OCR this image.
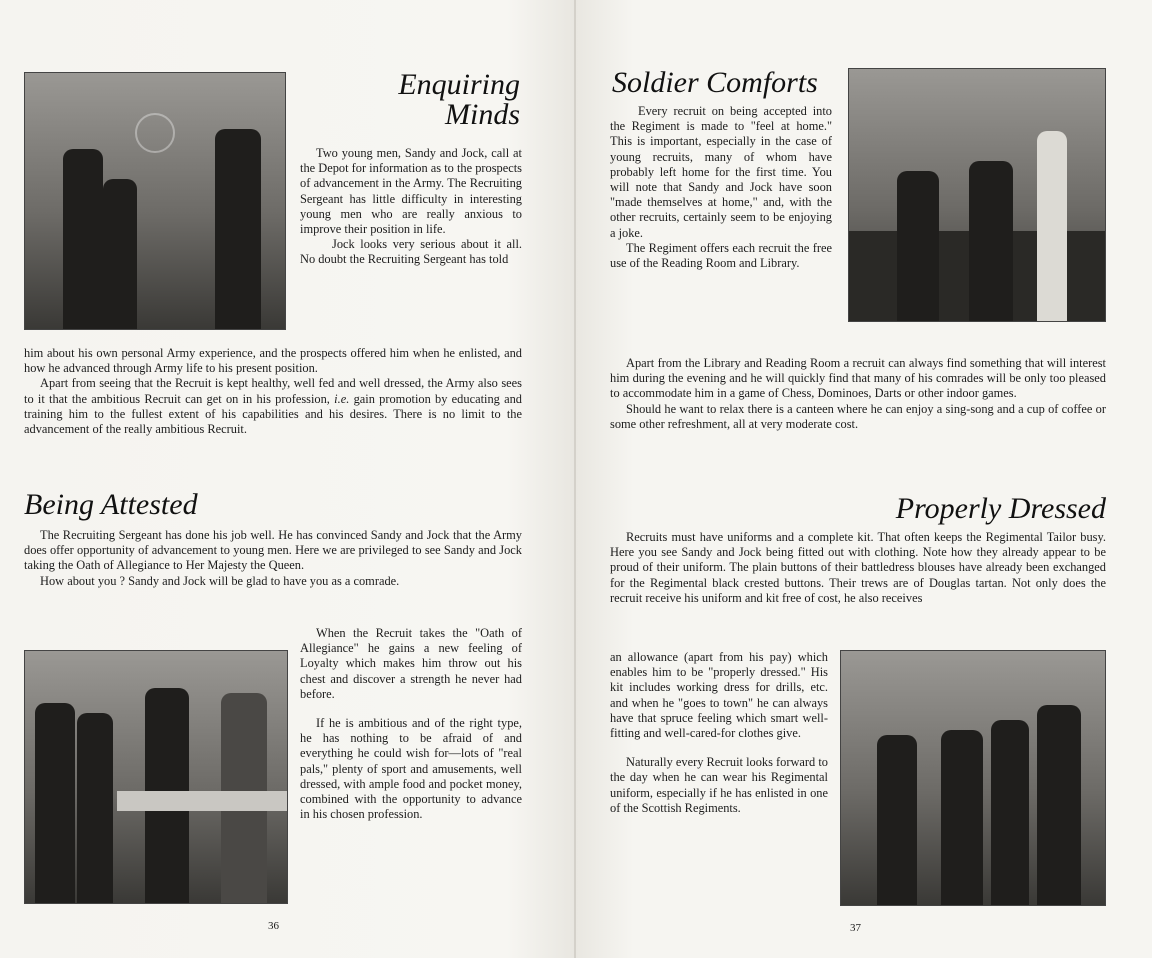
Enquiring
Minds

Two young men, Sandy and Jock, call at the Depot for information as to the prospects of advancement in the Army. The Recruiting Sergeant has little difficulty in interesting young men who are really anxious to improve their position in life.

Jock looks very serious about it all. No doubt the Recruiting Sergeant has told

him about his own personal Army experience, and the prospects offered him when he enlisted, and how he advanced through Army life to his present position.

Apart from seeing that the Recruit is kept healthy, well fed and well dressed, the Army also sees to it that the ambitious Recruit can get on in his profession, i.e. gain promotion by educating and training him to the fullest extent of his capabilities and his desires. There is no limit to the advancement of the really ambitious Recruit.

Being Attested

The Recruiting Sergeant has done his job well. He has convinced Sandy and Jock that the Army does offer opportunity of advancement to young men. Here we are privileged to see Sandy and Jock taking the Oath of Allegiance to Her Majesty the Queen.

How about you ? Sandy and Jock will be glad to have you as a comrade.

When the Recruit takes the "Oath of Allegiance" he gains a new feeling of Loyalty which makes him throw out his chest and discover a strength he never had before.

If he is ambitious and of the right type, he has nothing to be afraid of and everything he could wish for—lots of "real pals," plenty of sport and amusements, well dressed, with ample food and pocket money, combined with the opportunity to advance in his chosen profession.

36
Soldier Comforts

Every recruit on being accepted into the Regiment is made to "feel at home." This is important, especially in the case of young recruits, many of whom have probably left home for the first time. You will note that Sandy and Jock have soon "made themselves at home," and, with the other recruits, certainly seem to be enjoying a joke.

The Regiment offers each recruit the free use of the Reading Room and Library.

Apart from the Library and Reading Room a recruit can always find something that will interest him during the evening and he will quickly find that many of his comrades will be only too pleased to accommodate him in a game of Chess, Dominoes, Darts or other indoor games.

Should he want to relax there is a canteen where he can enjoy a sing-song and a cup of coffee or some other refreshment, all at very moderate cost.

Properly Dressed

Recruits must have uniforms and a complete kit. That often keeps the Regimental Tailor busy. Here you see Sandy and Jock being fitted out with clothing. Note how they already appear to be proud of their uniform. The plain buttons of their battledress blouses have already been exchanged for the Regimental black crested buttons. Their trews are of Douglas tartan. Not only does the recruit receive his uniform and kit free of cost, he also receives

an allowance (apart from his pay) which enables him to be "properly dressed." His kit includes working dress for drills, etc. and when he "goes to town" he can always have that spruce feeling which smart well-fitting and well-cared-for clothes give.

Naturally every Recruit looks forward to the day when he can wear his Regimental uniform, especially if he has enlisted in one of the Scottish Regiments.

37
